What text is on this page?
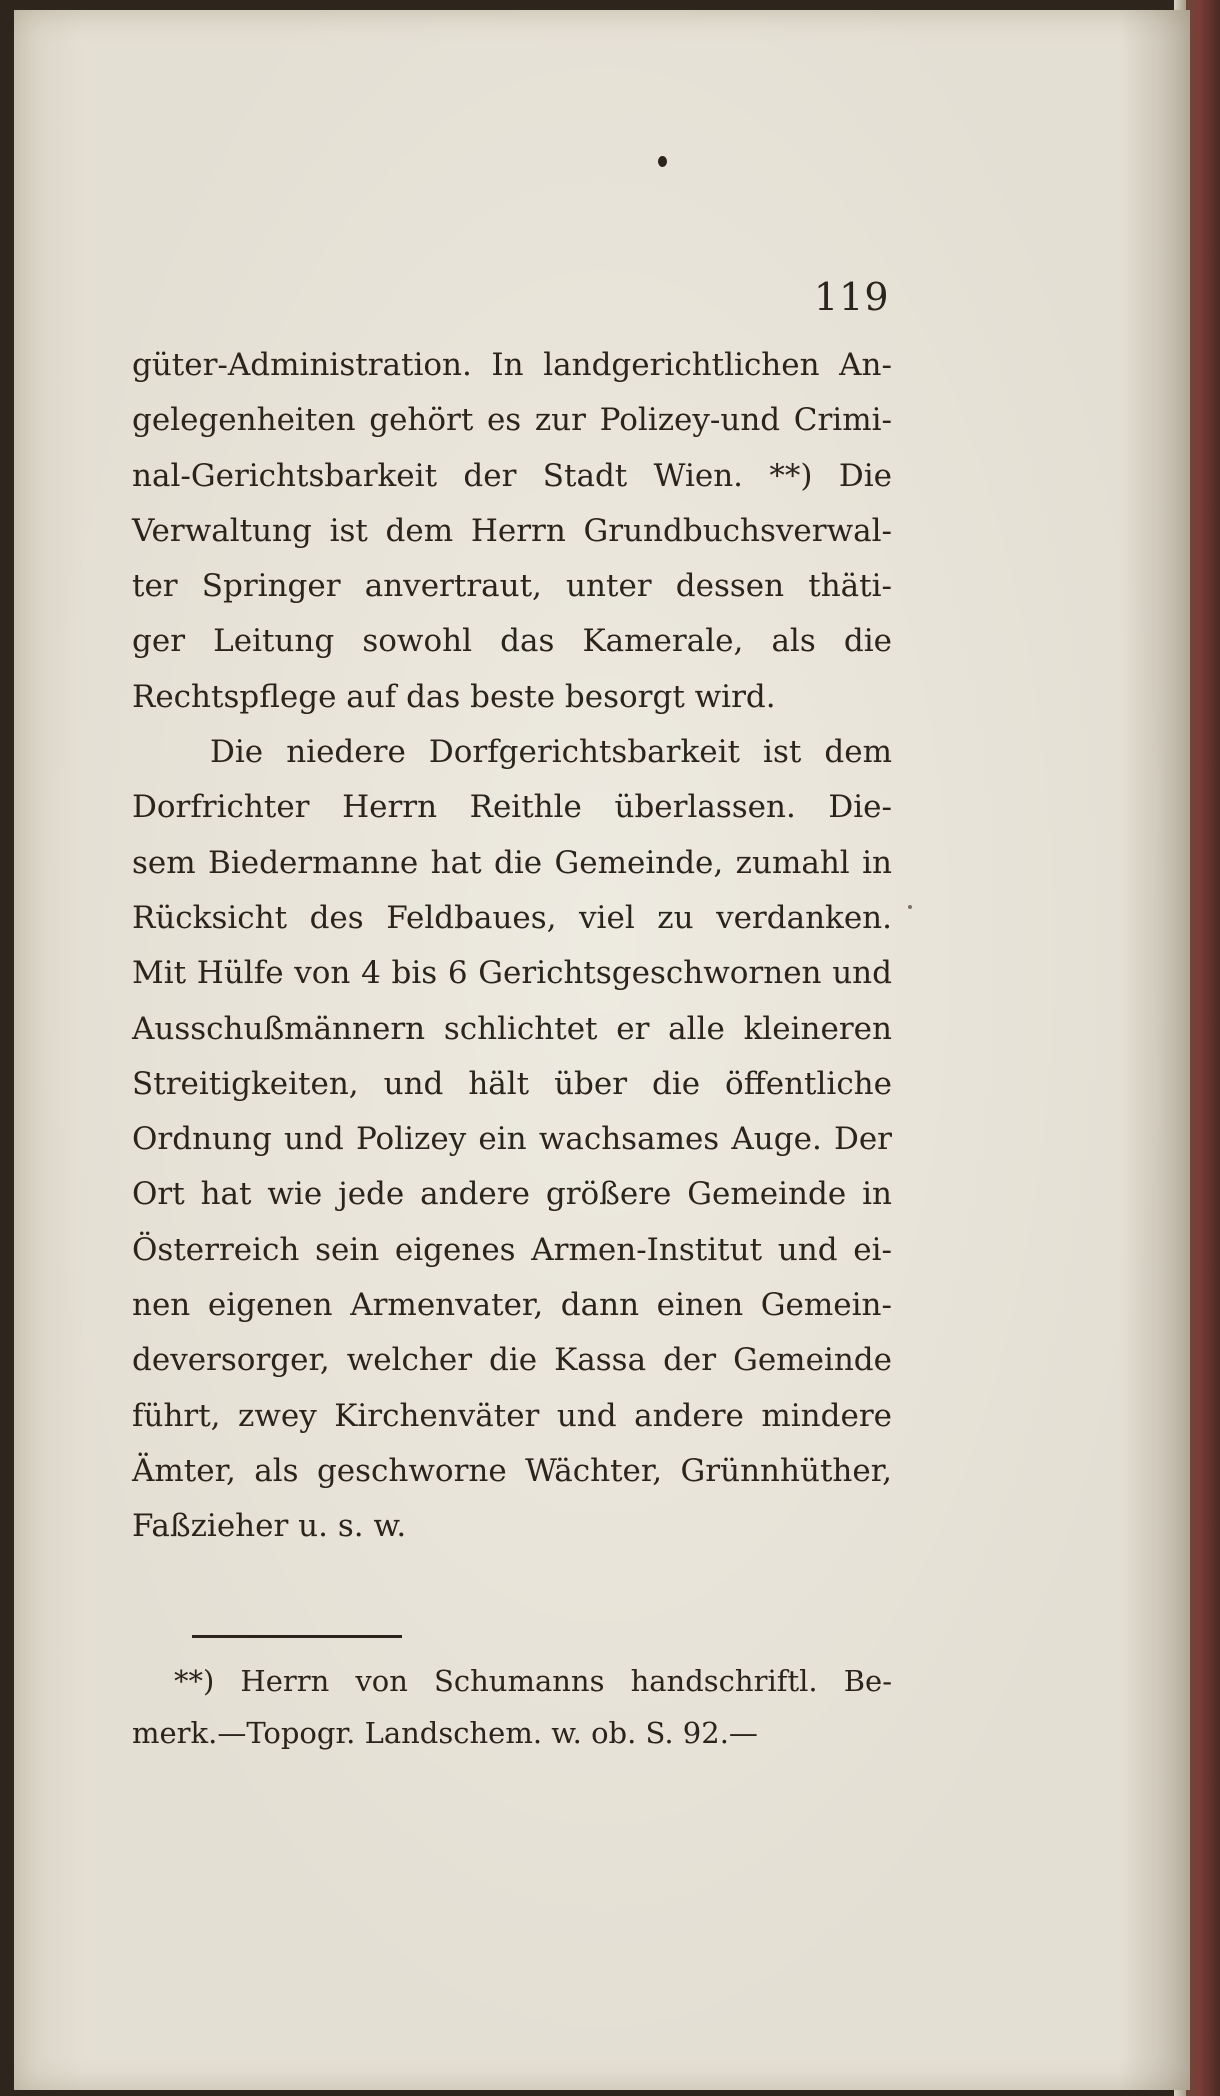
119
güter-Administration. In landgerichtlichen An-
gelegenheiten gehört es zur Polizey-und Crimi-
nal-Gerichtsbarkeit der Stadt Wien. **) Die
Verwaltung ist dem Herrn Grundbuchsverwal-
ter Springer anvertraut, unter dessen thäti-
ger Leitung sowohl das Kamerale, als die
Rechtspflege auf das beste besorgt wird.
Die niedere Dorfgerichtsbarkeit ist dem
Dorfrichter Herrn Reithle überlassen. Die-
sem Biedermanne hat die Gemeinde, zumahl in
Rücksicht des Feldbaues, viel zu verdanken.
Mit Hülfe von 4 bis 6 Gerichtsgeschwornen und
Ausschußmännern schlichtet er alle kleineren
Streitigkeiten, und hält über die öffentliche
Ordnung und Polizey ein wachsames Auge. Der
Ort hat wie jede andere größere Gemeinde in
Österreich sein eigenes Armen-Institut und ei-
nen eigenen Armenvater, dann einen Gemein-
deversorger, welcher die Kassa der Gemeinde
führt, zwey Kirchenväter und andere mindere
Ämter, als geschworne Wächter, Grünnhüther,
Faßzieher u. s. w.
**) Herrn von Schumanns handschriftl. Be-
merk.—Topogr. Landschem. w. ob. S. 92.—
